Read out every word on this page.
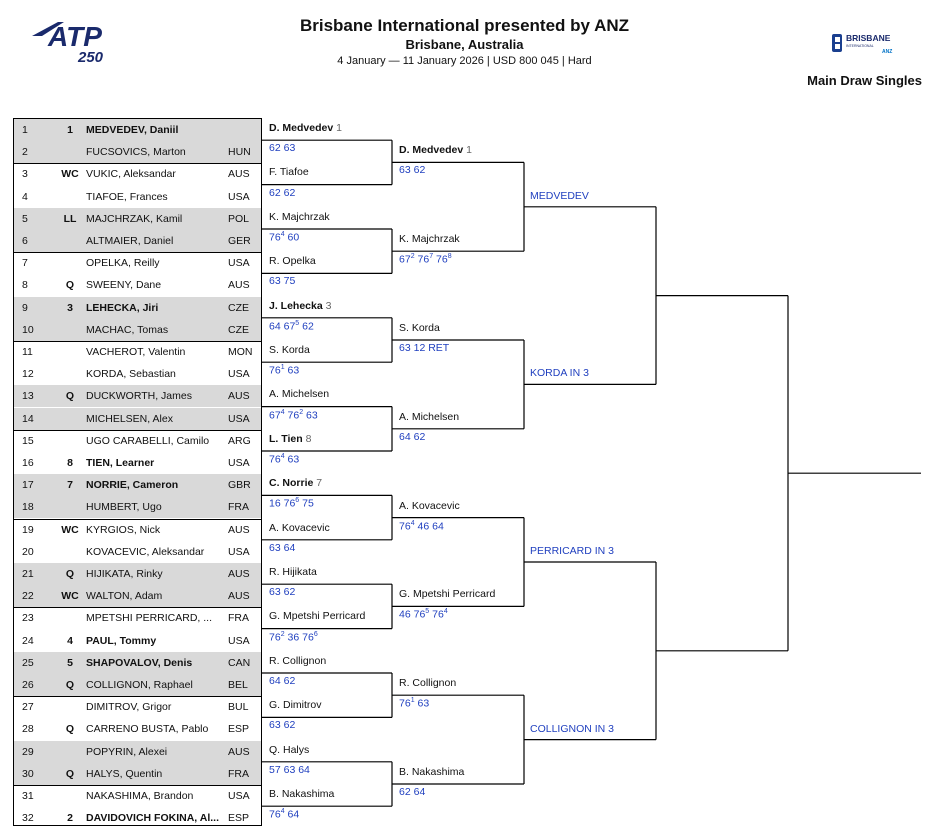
ATP
250
Brisbane International presented by ANZ
Brisbane, Australia
4 January — 11 January 2026 | USD 800 045 | Hard
BRISBANE
INTERNATIONAL
ANZ
Main Draw Singles
1	1	MEDVEDEV, Daniil
2	FUCSOVICS, Marton	HUN
3	WC VUKIC, Aleksandar	AUS
4	TIAFOE, Frances	USA
5	LL MAJCHRZAK, Kamil	POL
6	ALTMAIER, Daniel	GER
7	OPELKA, Reilly	USA
8	Q	SWEENY, Dane	AUS
9	3	LEHECKA, Jiri	CZE
10	MACHAC, Tomas	CZE
11	VACHEROT, Valentin	MON
12	KORDA, Sebastian	USA
13	Q	DUCKWORTH, James	AUS
14	MICHELSEN, Alex	USA
15	UGO CARABELLI, Camilo	ARG
16	8	TIEN, Learner	USA
17	7	NORRIE, Cameron	GBR
18	HUMBERT, Ugo	FRA
19	WC KYRGIOS, Nick	AUS
20	KOVACEVIC, Aleksandar	USA
21	Q	HIJIKATA, Rinky	AUS
22	WC WALTON, Adam	AUS
23	MPETSHI PERRICARD, ...	FRA
24	4	PAUL, Tommy	USA
25	5	SHAPOVALOV, Denis	CAN
26	Q	COLLIGNON, Raphael	BEL
27	DIMITROV, Grigor	BUL
28	Q	CARRENO BUSTA, Pablo	ESP
29	POPYRIN, Alexei	AUS
30	Q	HALYS, Quentin	FRA
31	NAKASHIMA, Brandon	USA
32	2	DAVIDOVICH FOKINA, Al... ESP
D. Medvedev 1
62 63
F. Tiafoe
62 62
K. Majchrzak
$76^4$ 60
R. Opelka
63 75
J. Lehecka 3
64 $67^5$ 62
S. Korda
$76^1$ 63
A. Michelsen
$67^4$ $76^2$ 63
L. Tien 8
$76^4$ 63
C. Norrie 7
16 $76^6$ 75
A. Kovacevic
63 64
R. Hijikata
63 62
G. Mpetshi Perricard
$76^2$ 36 $76^6$
R. Collignon
64 62
G. Dimitrov
63 62
Q. Halys
57 63 64
B. Nakashima
$76^4$ 64
D. Medvedev 1
63 62
K. Majchrzak
$67^2$ $76^7$ $76^8$
S. Korda
63 12 RET
A. Michelsen
64 62
A. Kovacevic
$76^4$ 46 64
G. Mpetshi Perricard
46 $76^5$ $76^4$
R. Collignon
$76^1$ 63
B. Nakashima
62 64
MEDVEDEV
KORDA IN 3
PERRICARD IN 3
COLLIGNON IN 3
